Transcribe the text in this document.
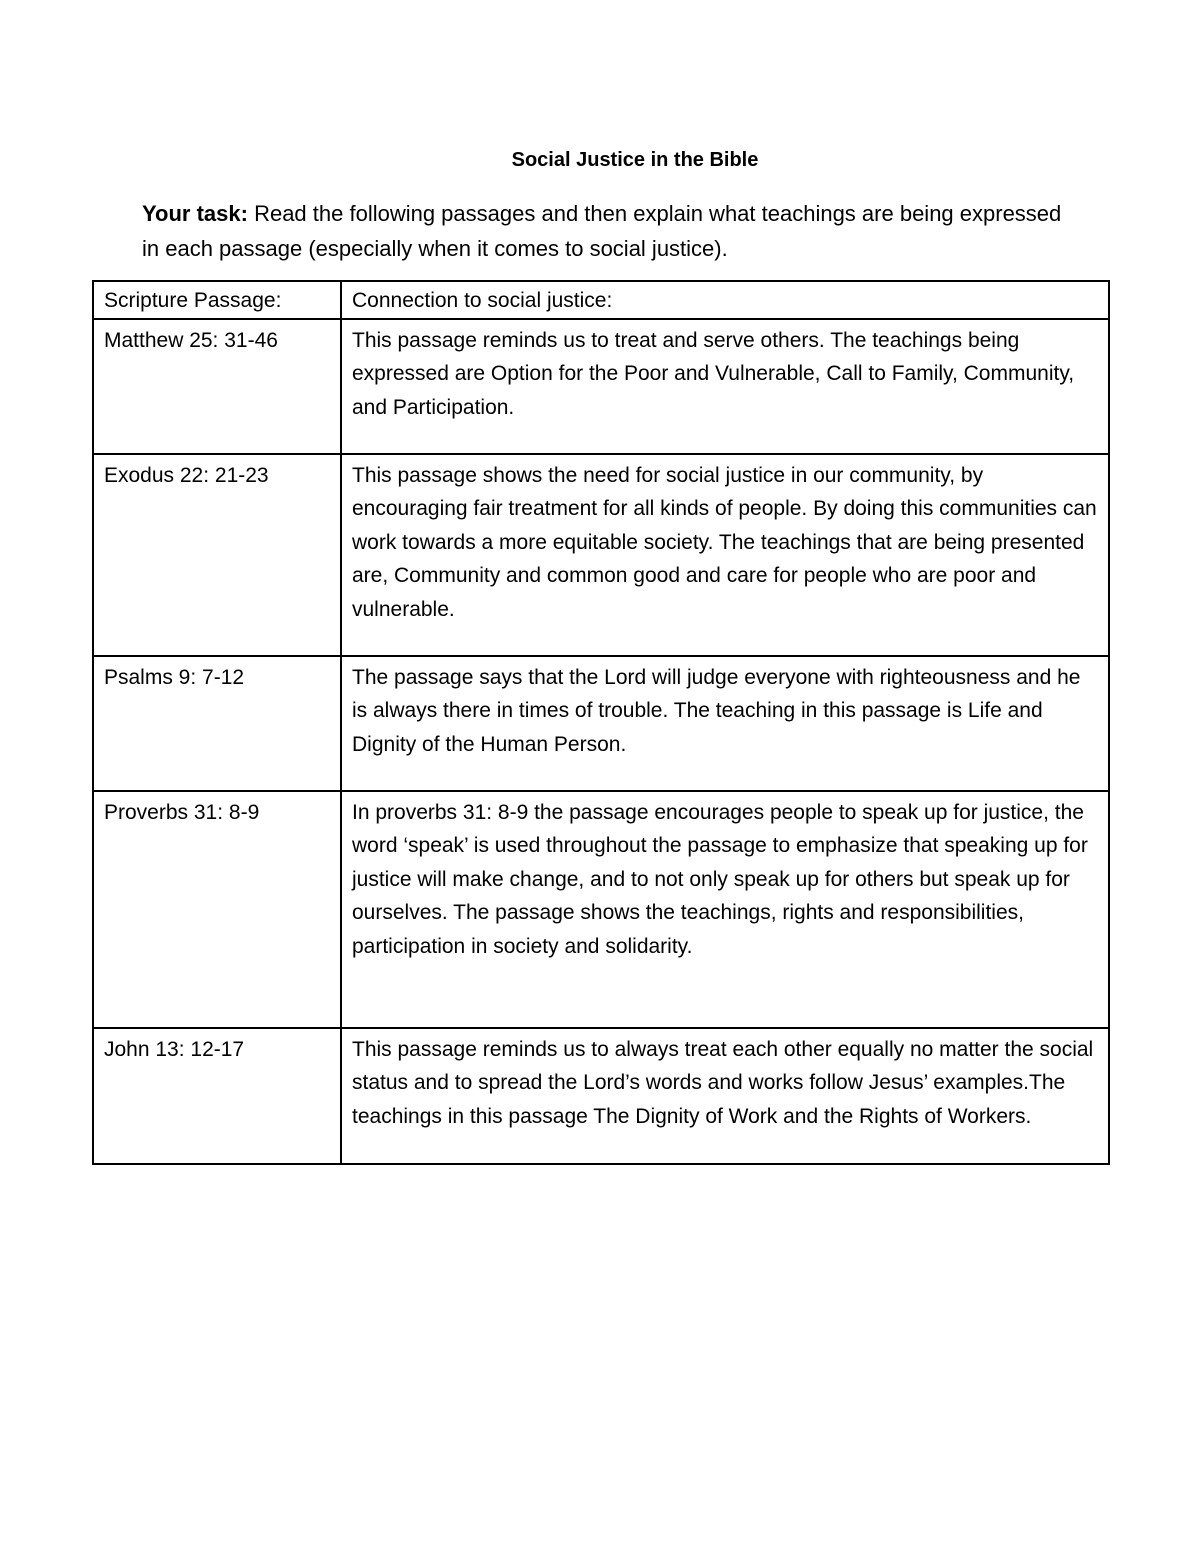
Social Justice in the Bible
Your task: Read the following passages and then explain what teachings are being expressed in each passage (especially when it comes to social justice).
Scripture Passage:	Connection to social justice:
Matthew 25: 31-46	This passage reminds us to treat and serve others. The teachings being expressed are Option for the Poor and Vulnerable, Call to Family, Community, and Participation.
Exodus 22: 21-23	This passage shows the need for social justice in our community, by encouraging fair treatment for all kinds of people. By doing this communities can work towards a more equitable society. The teachings that are being presented are, Community and common good and care for people who are poor and vulnerable.
Psalms 9: 7-12	The passage says that the Lord will judge everyone with righteousness and he is always there in times of trouble. The teaching in this passage is Life and Dignity of the Human Person.
Proverbs 31: 8-9	In proverbs 31: 8-9 the passage encourages people to speak up for justice, the word ‘speak’ is used throughout the passage to emphasize that speaking up for justice will make change, and to not only speak up for others but speak up for ourselves. The passage shows the teachings, rights and responsibilities, participation in society and solidarity.
John 13: 12-17	This passage reminds us to always treat each other equally no matter the social status and to spread the Lord’s words and works follow Jesus’ examples.The teachings in this passage The Dignity of Work and the Rights of Workers.
